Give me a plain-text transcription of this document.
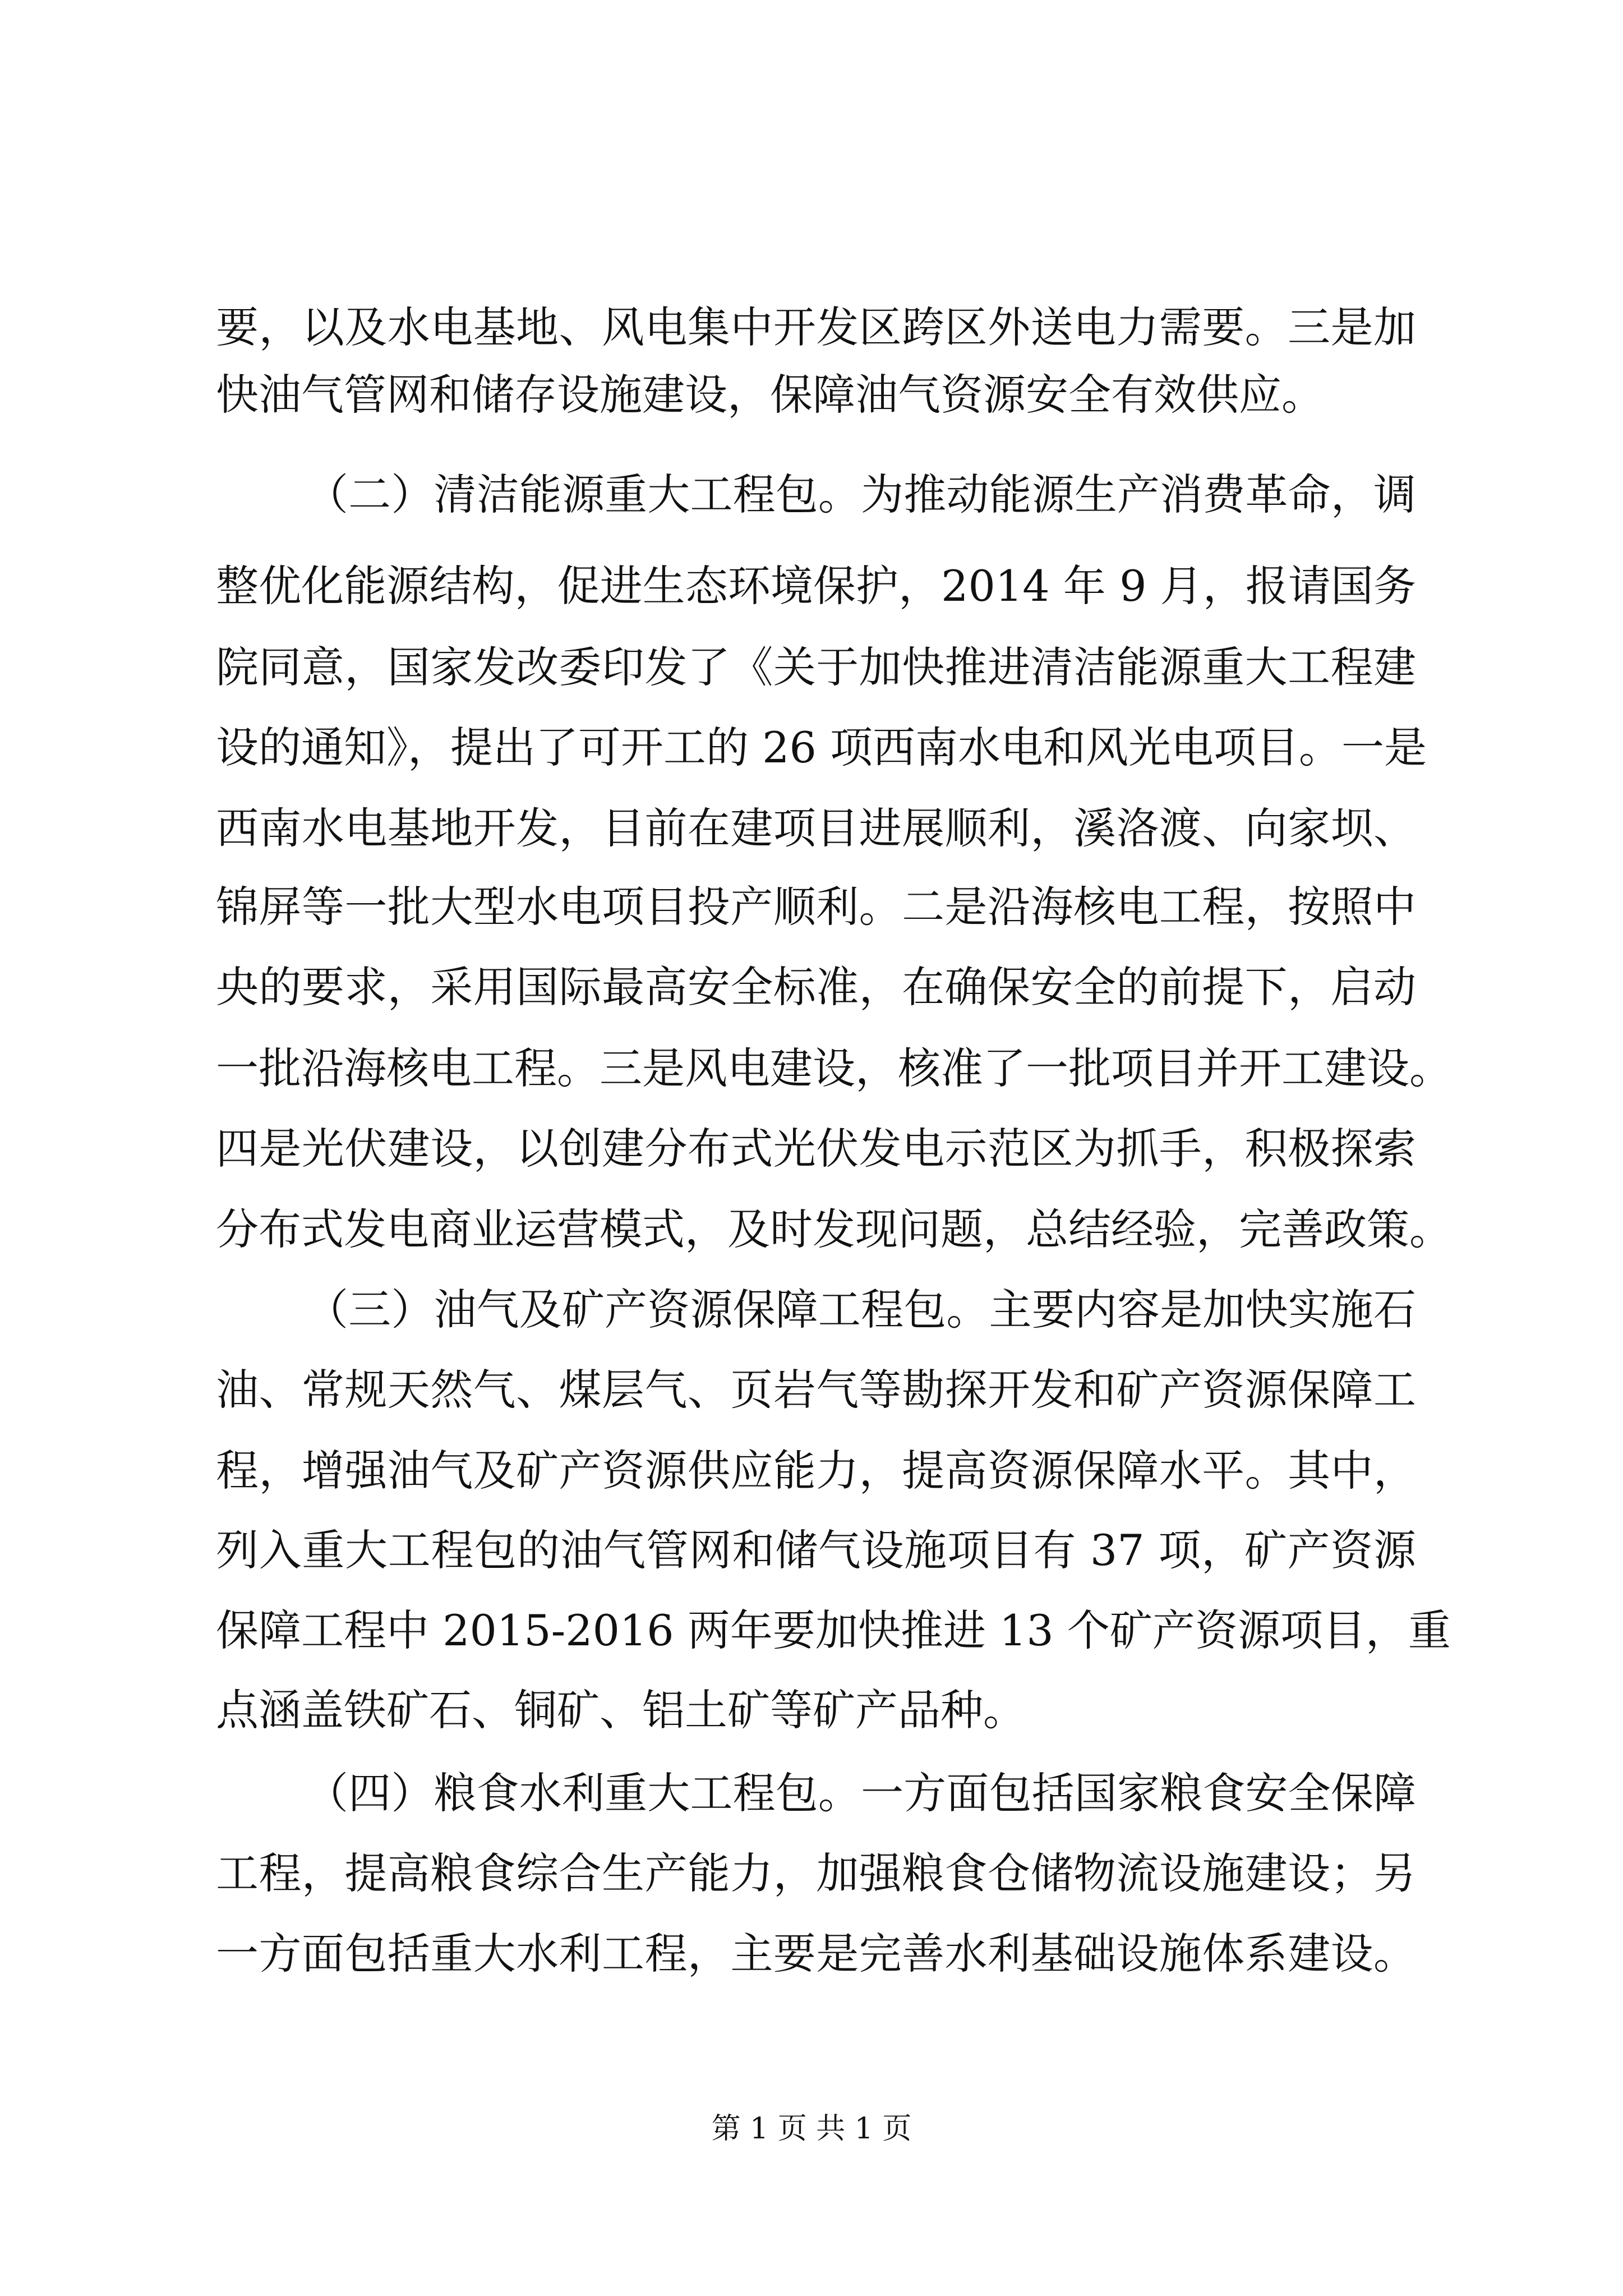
要，以及水电基地、风电集中开发区跨区外送电力需要。三是加
快油气管网和储存设施建设，保障油气资源安全有效供应。
（二）清洁能源重大工程包。为推动能源生产消费革命，调
整优化能源结构，促进生态环境保护，2014 年 9 月，报请国务
院同意，国家发改委印发了《关于加快推进清洁能源重大工程建
设的通知》，提出了可开工的 26 项西南水电和风光电项目。一是
西南水电基地开发，目前在建项目进展顺利，溪洛渡、向家坝、
锦屏等一批大型水电项目投产顺利。二是沿海核电工程，按照中
央的要求，采用国际最高安全标准，在确保安全的前提下，启动
一批沿海核电工程。三是风电建设，核准了一批项目并开工建设。
四是光伏建设，以创建分布式光伏发电示范区为抓手，积极探索
分布式发电商业运营模式，及时发现问题，总结经验，完善政策。
（三）油气及矿产资源保障工程包。主要内容是加快实施石
油、常规天然气、煤层气、页岩气等勘探开发和矿产资源保障工
程，增强油气及矿产资源供应能力，提高资源保障水平。其中，
列入重大工程包的油气管网和储气设施项目有 37 项，矿产资源
保障工程中 2015-2016 两年要加快推进 13 个矿产资源项目，重
点涵盖铁矿石、铜矿、铝土矿等矿产品种。
（四）粮食水利重大工程包。一方面包括国家粮食安全保障
工程，提高粮食综合生产能力，加强粮食仓储物流设施建设；另
一方面包括重大水利工程，主要是完善水利基础设施体系建设。
第 1 页 共 1 页
